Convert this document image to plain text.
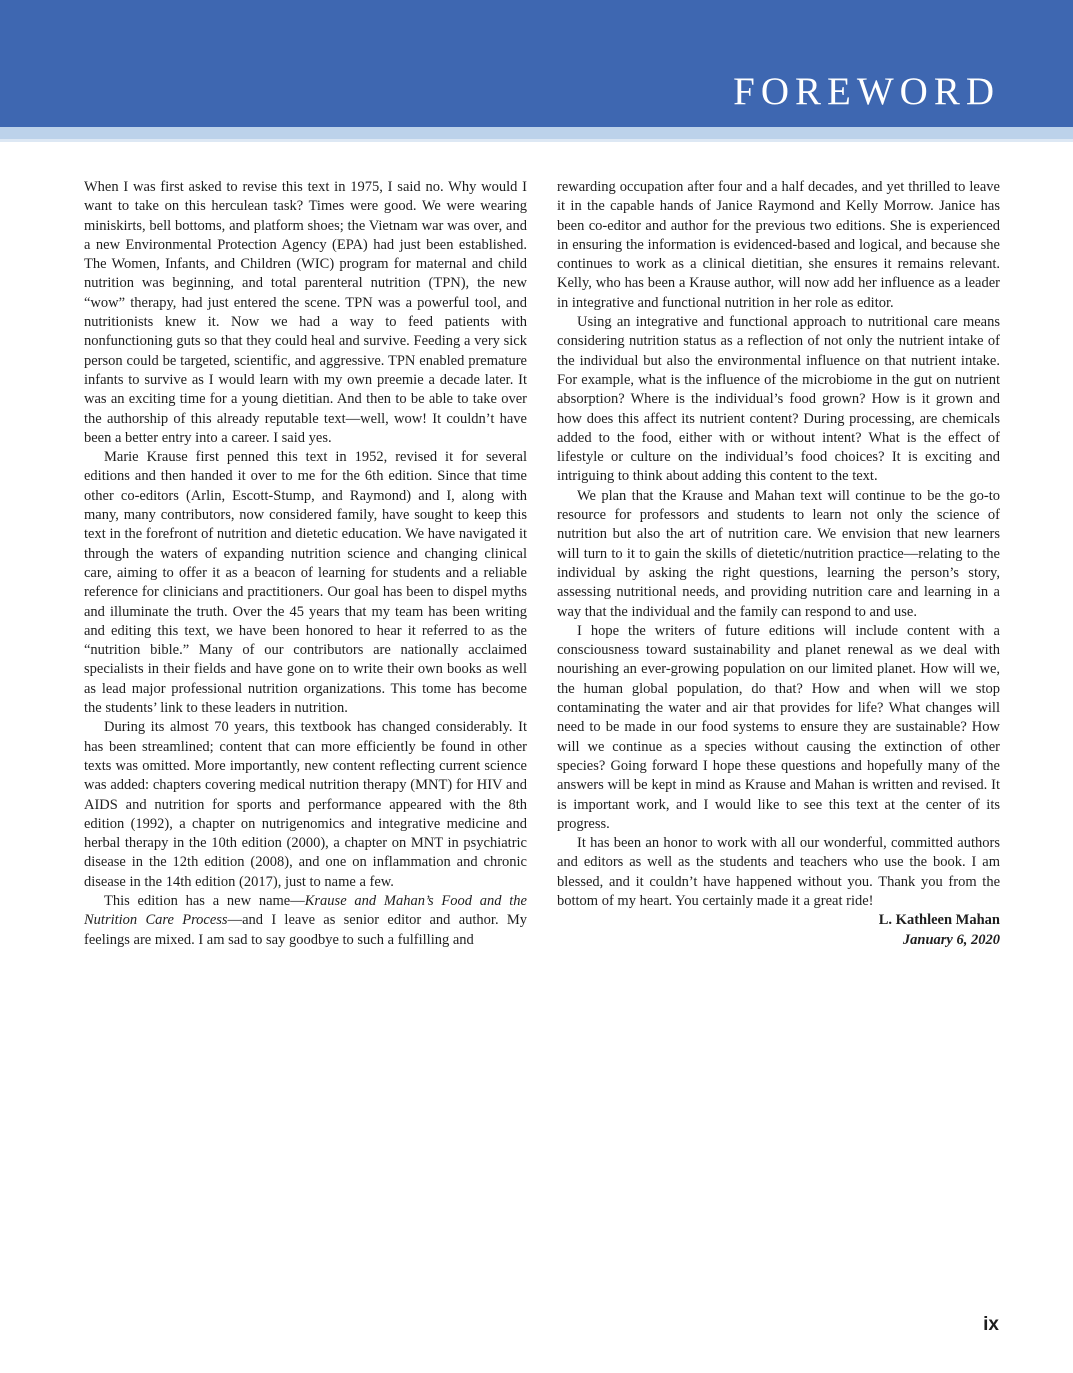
FOREWORD

When I was first asked to revise this text in 1975, I said no. Why would I want to take on this herculean task? Times were good. We were wearing miniskirts, bell bottoms, and platform shoes; the Vietnam war was over, and a new Environmental Protection Agency (EPA) had just been established. The Women, Infants, and Children (WIC) program for maternal and child nutrition was beginning, and total parenteral nutrition (TPN), the new “wow” therapy, had just entered the scene. TPN was a powerful tool, and nutritionists knew it. Now we had a way to feed patients with nonfunctioning guts so that they could heal and survive. Feeding a very sick person could be targeted, scientific, and aggressive. TPN enabled premature infants to survive as I would learn with my own preemie a decade later. It was an exciting time for a young dietitian. And then to be able to take over the authorship of this already reputable text—well, wow! It couldn’t have been a better entry into a career. I said yes.

Marie Krause first penned this text in 1952, revised it for several editions and then handed it over to me for the 6th edition. Since that time other co-editors (Arlin, Escott-Stump, and Raymond) and I, along with many, many contributors, now considered family, have sought to keep this text in the forefront of nutrition and dietetic education. We have navigated it through the waters of expanding nutrition science and changing clinical care, aiming to offer it as a beacon of learning for students and a reliable reference for clinicians and practitioners. Our goal has been to dispel myths and illuminate the truth. Over the 45 years that my team has been writing and editing this text, we have been honored to hear it referred to as the “nutrition bible.” Many of our contributors are nationally acclaimed specialists in their fields and have gone on to write their own books as well as lead major professional nutrition organizations. This tome has become the students’ link to these leaders in nutrition.

During its almost 70 years, this textbook has changed considerably. It has been streamlined; content that can more efficiently be found in other texts was omitted. More importantly, new content reflecting current science was added: chapters covering medical nutrition therapy (MNT) for HIV and AIDS and nutrition for sports and performance appeared with the 8th edition (1992), a chapter on nutrigenomics and integrative medicine and herbal therapy in the 10th edition (2000), a chapter on MNT in psychiatric disease in the 12th edition (2008), and one on inflammation and chronic disease in the 14th edition (2017), just to name a few.

This edition has a new name—Krause and Mahan’s Food and the Nutrition Care Process—and I leave as senior editor and author. My feelings are mixed. I am sad to say goodbye to such a fulfilling and

rewarding occupation after four and a half decades, and yet thrilled to leave it in the capable hands of Janice Raymond and Kelly Morrow. Janice has been co-editor and author for the previous two editions. She is experienced in ensuring the information is evidenced-based and logical, and because she continues to work as a clinical dietitian, she ensures it remains relevant. Kelly, who has been a Krause author, will now add her influence as a leader in integrative and functional nutrition in her role as editor.

Using an integrative and functional approach to nutritional care means considering nutrition status as a reflection of not only the nutrient intake of the individual but also the environmental influence on that nutrient intake. For example, what is the influence of the microbiome in the gut on nutrient absorption? Where is the individual’s food grown? How is it grown and how does this affect its nutrient content? During processing, are chemicals added to the food, either with or without intent? What is the effect of lifestyle or culture on the individual’s food choices? It is exciting and intriguing to think about adding this content to the text.

We plan that the Krause and Mahan text will continue to be the go-to resource for professors and students to learn not only the science of nutrition but also the art of nutrition care. We envision that new learners will turn to it to gain the skills of dietetic/nutrition practice—relating to the individual by asking the right questions, learning the person’s story, assessing nutritional needs, and providing nutrition care and learning in a way that the individual and the family can respond to and use.

I hope the writers of future editions will include content with a consciousness toward sustainability and planet renewal as we deal with nourishing an ever-growing population on our limited planet. How will we, the human global population, do that? How and when will we stop contaminating the water and air that provides for life? What changes will need to be made in our food systems to ensure they are sustainable? How will we continue as a species without causing the extinction of other species? Going forward I hope these questions and hopefully many of the answers will be kept in mind as Krause and Mahan is written and revised. It is important work, and I would like to see this text at the center of its progress.

It has been an honor to work with all our wonderful, committed authors and editors as well as the students and teachers who use the book. I am blessed, and it couldn’t have happened without you. Thank you from the bottom of my heart. You certainly made it a great ride!

L. Kathleen Mahan

January 6, 2020

ix
